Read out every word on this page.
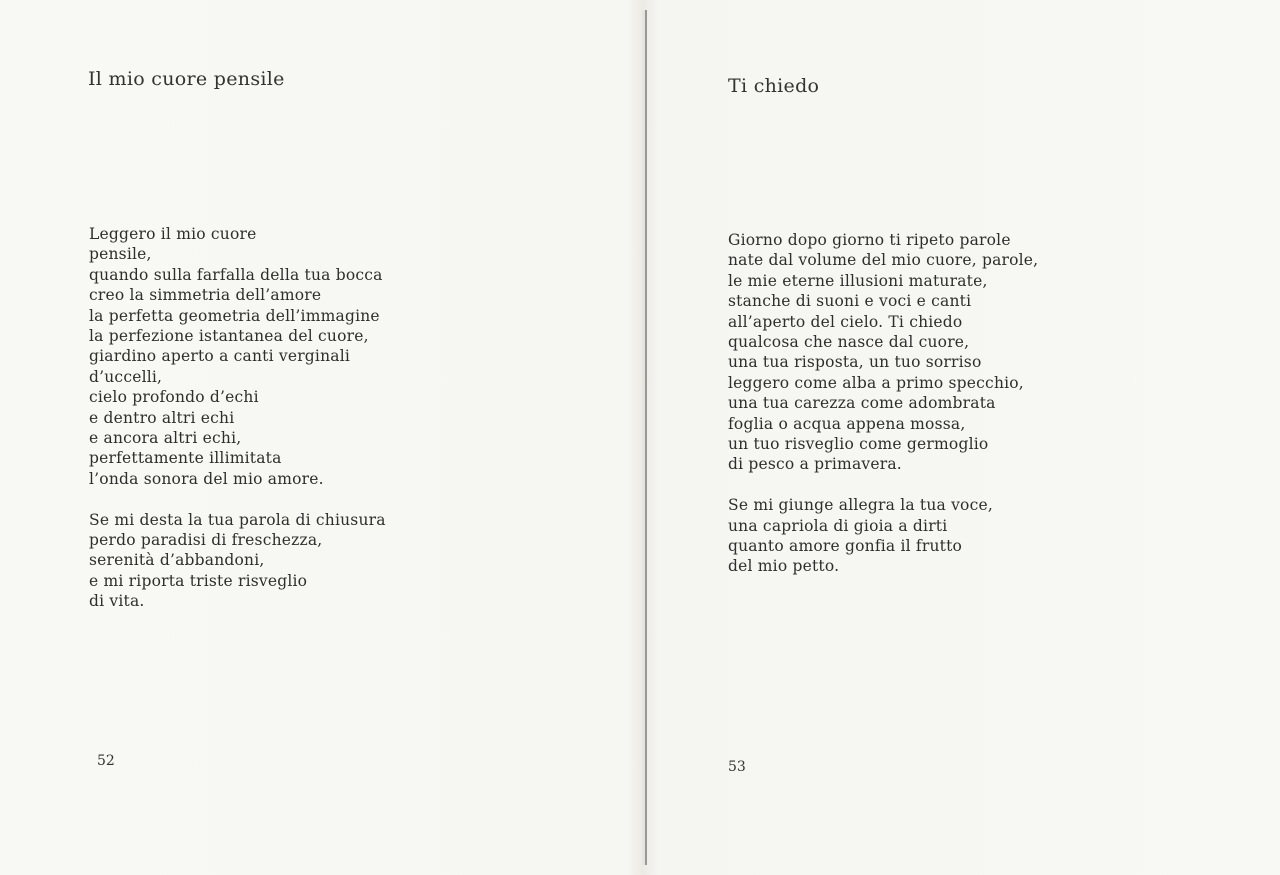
Il mio cuore pensile

Leggero il mio cuore
pensile,
quando sulla farfalla della tua bocca
creo la simmetria dell’amore
la perfetta geometria dell’immagine
la perfezione istantanea del cuore,
giardino aperto a canti verginali
d’uccelli,
cielo profondo d’echi
e dentro altri echi
e ancora altri echi,
perfettamente illimitata
l’onda sonora del mio amore.

Se mi desta la tua parola di chiusura
perdo paradisi di freschezza,
serenità d’abbandoni,
e mi riporta triste risveglio
di vita.

52
Ti chiedo

Giorno dopo giorno ti ripeto parole
nate dal volume del mio cuore, parole,
le mie eterne illusioni maturate,
stanche di suoni e voci e canti
all’aperto del cielo. Ti chiedo
qualcosa che nasce dal cuore,
una tua risposta, un tuo sorriso
leggero come alba a primo specchio,
una tua carezza come adombrata
foglia o acqua appena mossa,
un tuo risveglio come germoglio
di pesco a primavera.

Se mi giunge allegra la tua voce,
una capriola di gioia a dirti
quanto amore gonfia il frutto
del mio petto.

53
